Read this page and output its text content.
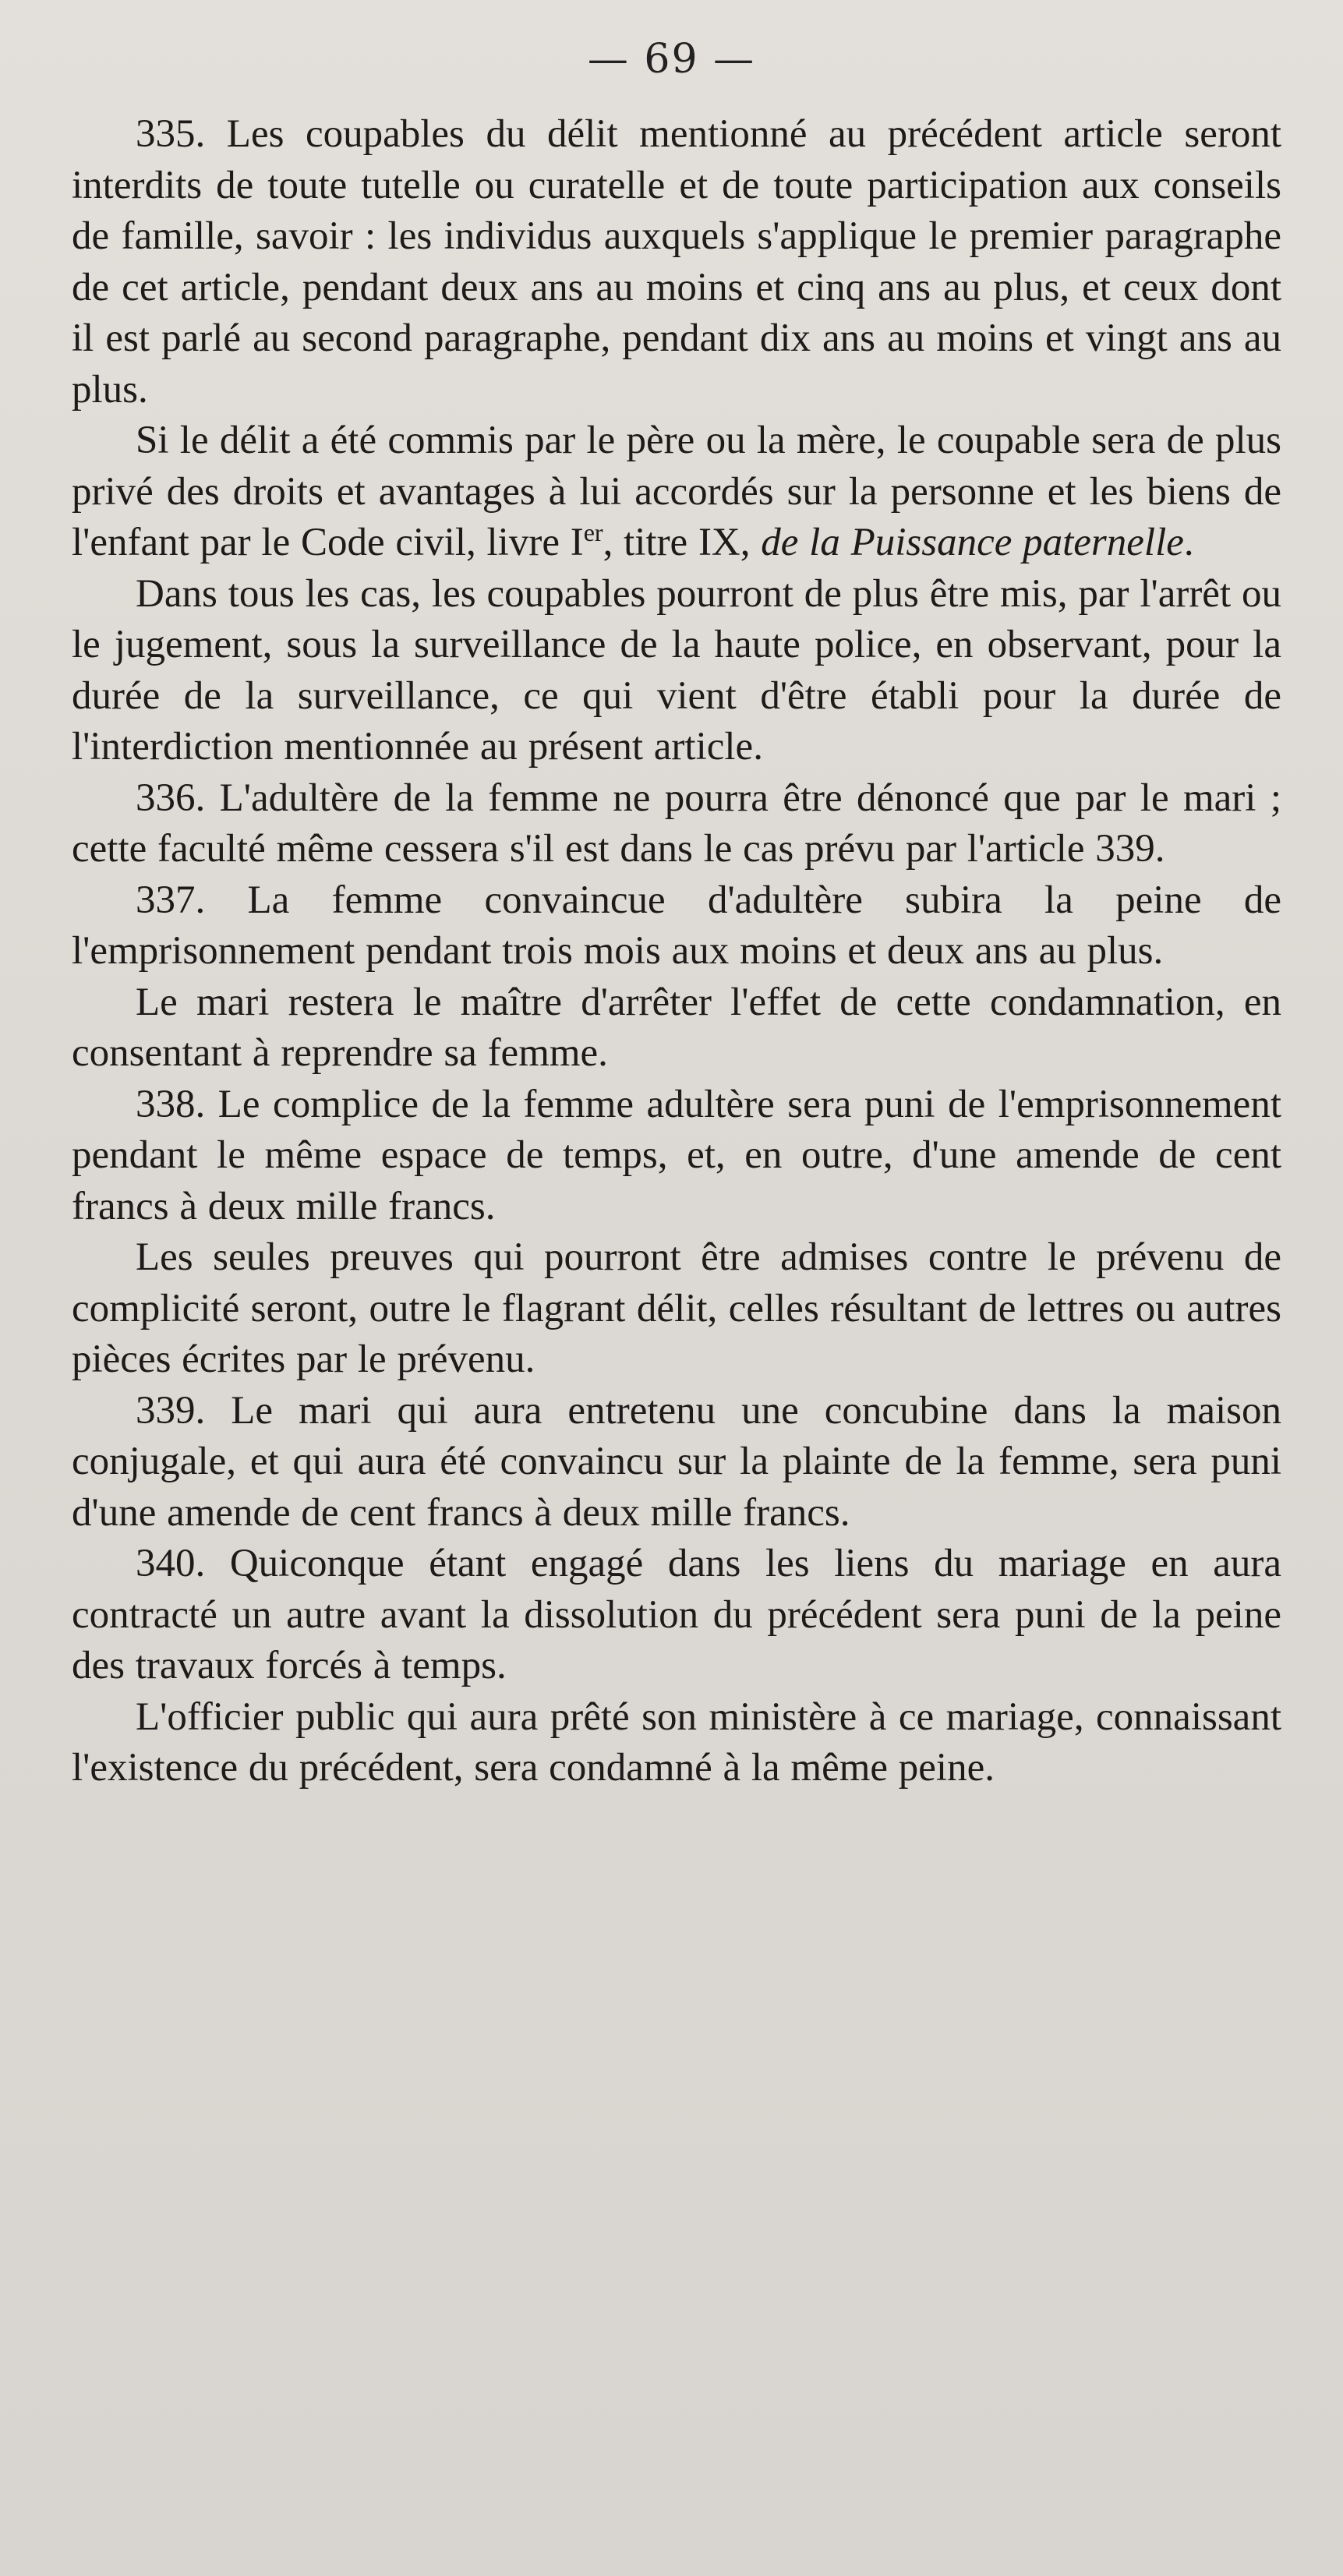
— 69 —

335. Les coupables du délit mentionné au précédent article seront interdits de toute tutelle ou curatelle et de toute participation aux conseils de famille, savoir : les individus auxquels s'applique le premier paragraphe de cet article, pendant deux ans au moins et cinq ans au plus, et ceux dont il est parlé au second paragraphe, pendant dix ans au moins et vingt ans au plus.

Si le délit a été commis par le père ou la mère, le coupable sera de plus privé des droits et avantages à lui accordés sur la personne et les biens de l'enfant par le Code civil, livre Ier, titre IX, de la Puissance paternelle.

Dans tous les cas, les coupables pourront de plus être mis, par l'arrêt ou le jugement, sous la surveillance de la haute police, en observant, pour la durée de la surveillance, ce qui vient d'être établi pour la durée de l'interdiction mentionnée au présent article.

336. L'adultère de la femme ne pourra être dénoncé que par le mari ; cette faculté même cessera s'il est dans le cas prévu par l'article 339.

337. La femme convaincue d'adultère subira la peine de l'emprisonnement pendant trois mois aux moins et deux ans au plus.

Le mari restera le maître d'arrêter l'effet de cette condamnation, en consentant à reprendre sa femme.

338. Le complice de la femme adultère sera puni de l'emprisonnement pendant le même espace de temps, et, en outre, d'une amende de cent francs à deux mille francs.

Les seules preuves qui pourront être admises contre le prévenu de complicité seront, outre le flagrant délit, celles résultant de lettres ou autres pièces écrites par le prévenu.

339. Le mari qui aura entretenu une concubine dans la maison conjugale, et qui aura été convaincu sur la plainte de la femme, sera puni d'une amende de cent francs à deux mille francs.

340. Quiconque étant engagé dans les liens du mariage en aura contracté un autre avant la dissolution du précédent sera puni de la peine des travaux forcés à temps.

L'officier public qui aura prêté son ministère à ce mariage, connaissant l'existence du précédent, sera condamné à la même peine.
